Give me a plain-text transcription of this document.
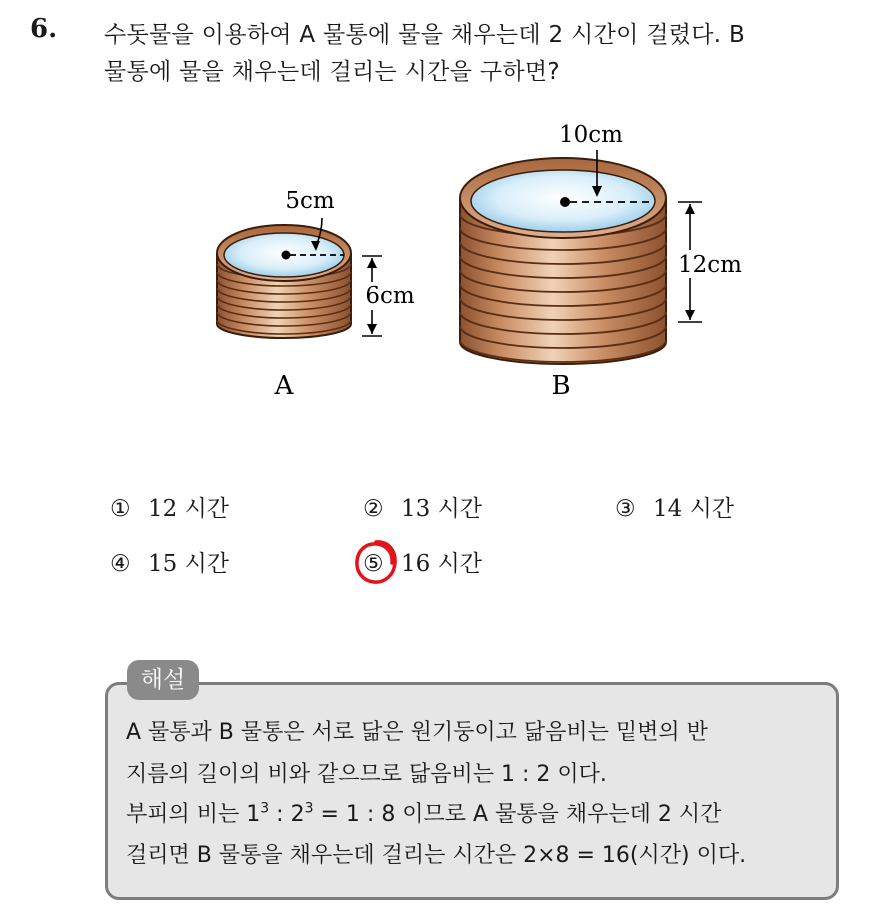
6. 수돗물을 이용하여 A 물통에 물을 채우는데 2 시간이 걸렸다. B
물통에 물을 채우는데 걸리는 시간을 구하면?
5cm
6cm
A
10cm
12cm
B
① 12 시간	② 13 시간	③ 14 시간
④ 15 시간	⑤ 16 시간
해설
A 물통과 B 물통은 서로 닮은 원기둥이고 닮음비는 밑변의 반
지름의 길이의 비와 같으므로 닮음비는 1 : 2 이다.
부피의 비는 $1^3$ : $2^3 = 1$ : 8 이므로 A 물통을 채우는데 2 시간
걸리면 B 물통을 채우는데 걸리는 시간은 2×8 = 16(시간) 이다.
